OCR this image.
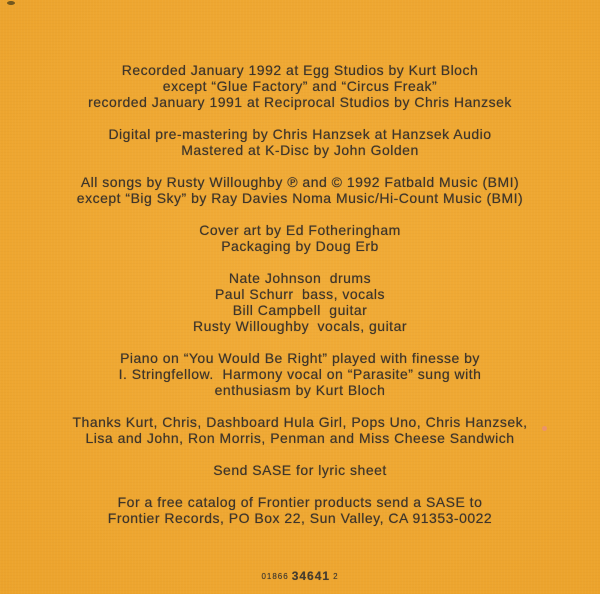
Recorded January 1992 at Egg Studios by Kurt Bloch
except “Glue Factory” and “Circus Freak”
recorded January 1991 at Reciprocal Studios by Chris Hanzsek
Digital pre-mastering by Chris Hanzsek at Hanzsek Audio
Mastered at K-Disc by John Golden
All songs by Rusty Willoughby ℗ and © 1992 Fatbald Music (BMI)
except “Big Sky” by Ray Davies Noma Music/Hi-Count Music (BMI)
Cover art by Ed Fotheringham
Packaging by Doug Erb
Nate Johnson drums
Paul Schurr bass, vocals
Bill Campbell guitar
Rusty Willoughby vocals, guitar
Piano on “You Would Be Right” played with finesse by
I. Stringfellow.  Harmony vocal on “Parasite” sung with
enthusiasm by Kurt Bloch
Thanks Kurt, Chris, Dashboard Hula Girl, Pops Uno, Chris Hanzsek,
Lisa and John, Ron Morris, Penman and Miss Cheese Sandwich
Send SASE for lyric sheet
For a free catalog of Frontier products send a SASE to
Frontier Records, PO Box 22, Sun Valley, CA 91353-0022
01866 34641 2
